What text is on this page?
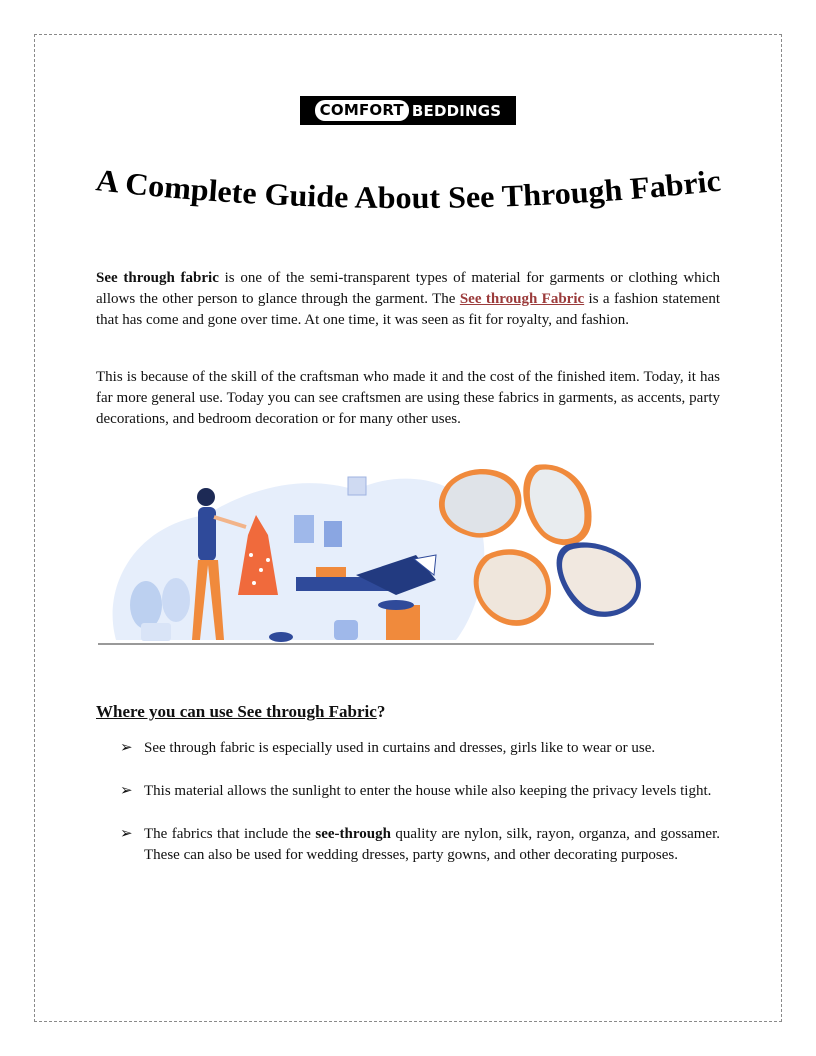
COMFORT BEDDINGS
A Complete Guide About See Through Fabric

See through fabric is one of the semi-transparent types of material for garments or clothing which allows the other person to glance through the garment. The See through Fabric is a fashion statement that has come and gone over time. At one time, it was seen as fit for royalty, and fashion.

This is because of the skill of the craftsman who made it and the cost of the finished item. Today, it has far more general use. Today you can see craftsmen are using these fabrics in garments, as accents, party decorations, and bedroom decoration or for many other uses.

Where you can use See through Fabric?
➢ See through fabric is especially used in curtains and dresses, girls like to wear or use.
➢ This material allows the sunlight to enter the house while also keeping the privacy levels tight.
➢ The fabrics that include the see-through quality are nylon, silk, rayon, organza, and gossamer. These can also be used for wedding dresses, party gowns, and other decorating purposes.
